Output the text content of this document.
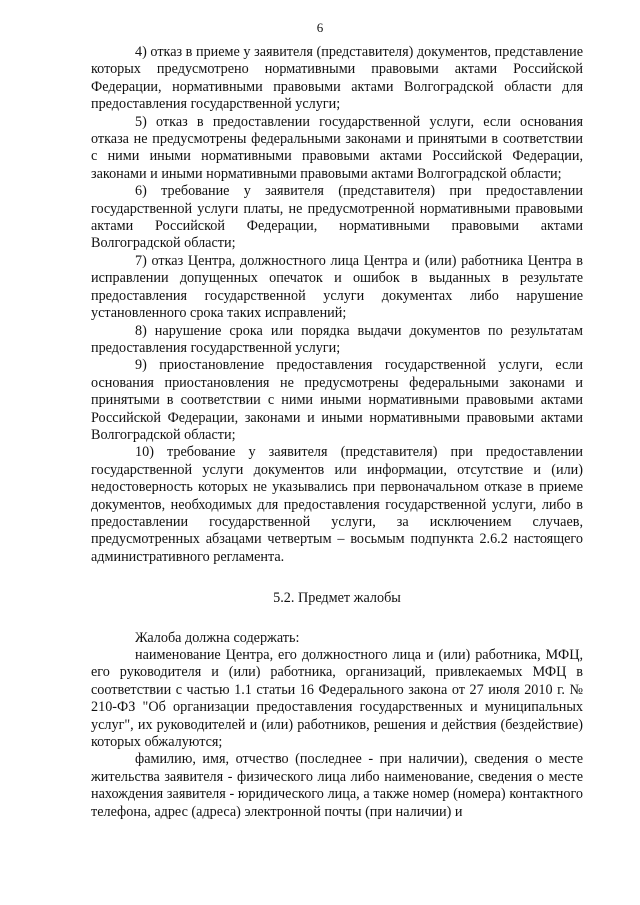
6

4) отказ в приеме у заявителя (представителя) документов, представление которых предусмотрено нормативными правовыми актами Российской Федерации, нормативными правовыми актами Волгоградской области для предоставления государственной услуги;

5) отказ в предоставлении государственной услуги, если основания отказа не предусмотрены федеральными законами и принятыми в соответствии с ними иными нормативными правовыми актами Российской Федерации, законами и иными нормативными правовыми актами Волгоградской области;

6) требование у заявителя (представителя) при предоставлении государственной услуги платы, не предусмотренной нормативными правовыми актами Российской Федерации, нормативными правовыми актами Волгоградской области;

7) отказ Центра, должностного лица Центра и (или) работника Центра в исправлении допущенных опечаток и ошибок в выданных в результате предоставления государственной услуги документах либо нарушение установленного срока таких исправлений;

8) нарушение срока или порядка выдачи документов по результатам предоставления государственной услуги;

9) приостановление предоставления государственной услуги, если основания приостановления не предусмотрены федеральными законами и принятыми в соответствии с ними иными нормативными правовыми актами Российской Федерации, законами и иными нормативными правовыми актами Волгоградской области;

10) требование у заявителя (представителя) при предоставлении государственной услуги документов или информации, отсутствие и (или) недостоверность которых не указывались при первоначальном отказе в приеме документов, необходимых для предоставления государственной услуги, либо в предоставлении государственной услуги, за исключением случаев, предусмотренных абзацами четвертым – восьмым подпункта 2.6.2 настоящего административного регламента.

5.2. Предмет жалобы

Жалоба должна содержать:

наименование Центра, его должностного лица и (или) работника, МФЦ, его руководителя и (или) работника, организаций, привлекаемых МФЦ в соответствии с частью 1.1 статьи 16 Федерального закона от 27 июля 2010 г. № 210-ФЗ "Об организации предоставления государственных и муниципальных услуг", их руководителей и (или) работников, решения и действия (бездействие) которых обжалуются;

фамилию, имя, отчество (последнее - при наличии), сведения о месте жительства заявителя - физического лица либо наименование, сведения о месте нахождения заявителя - юридического лица, а также номер (номера) контактного телефона, адрес (адреса) электронной почты (при наличии) и
